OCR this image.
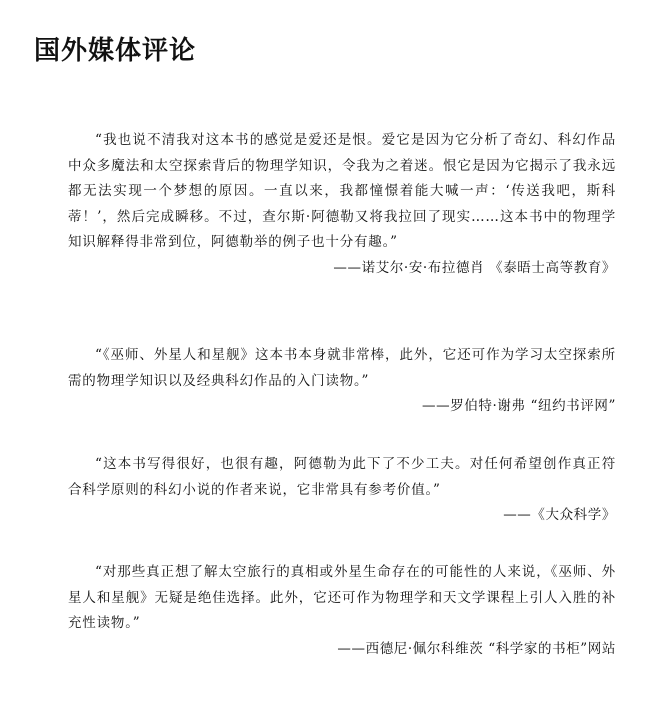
国外媒体评论

“我也说不清我对这本书的感觉是爱还是恨。爱它是因为它分析了奇幻、科幻作品中众多魔法和太空探索背后的物理学知识，令我为之着迷。恨它是因为它揭示了我永远都无法实现一个梦想的原因。一直以来，我都憧憬着能大喊一声：‘传送我吧，斯科蒂！’，然后完成瞬移。不过，查尔斯·阿德勒又将我拉回了现实……这本书中的物理学知识解释得非常到位，阿德勒举的例子也十分有趣。”

——诺艾尔·安·布拉德肖 《泰晤士高等教育》

“《巫师、外星人和星舰》这本书本身就非常棒，此外，它还可作为学习太空探索所需的物理学知识以及经典科幻作品的入门读物。”

——罗伯特·谢弗 “纽约书评网”

“这本书写得很好，也很有趣，阿德勒为此下了不少工夫。对任何希望创作真正符合科学原则的科幻小说的作者来说，它非常具有参考价值。”

——《大众科学》

“对那些真正想了解太空旅行的真相或外星生命存在的可能性的人来说，《巫师、外星人和星舰》无疑是绝佳选择。此外，它还可作为物理学和天文学课程上引人入胜的补充性读物。”

——西德尼·佩尔科维茨 “科学家的书柜”网站
